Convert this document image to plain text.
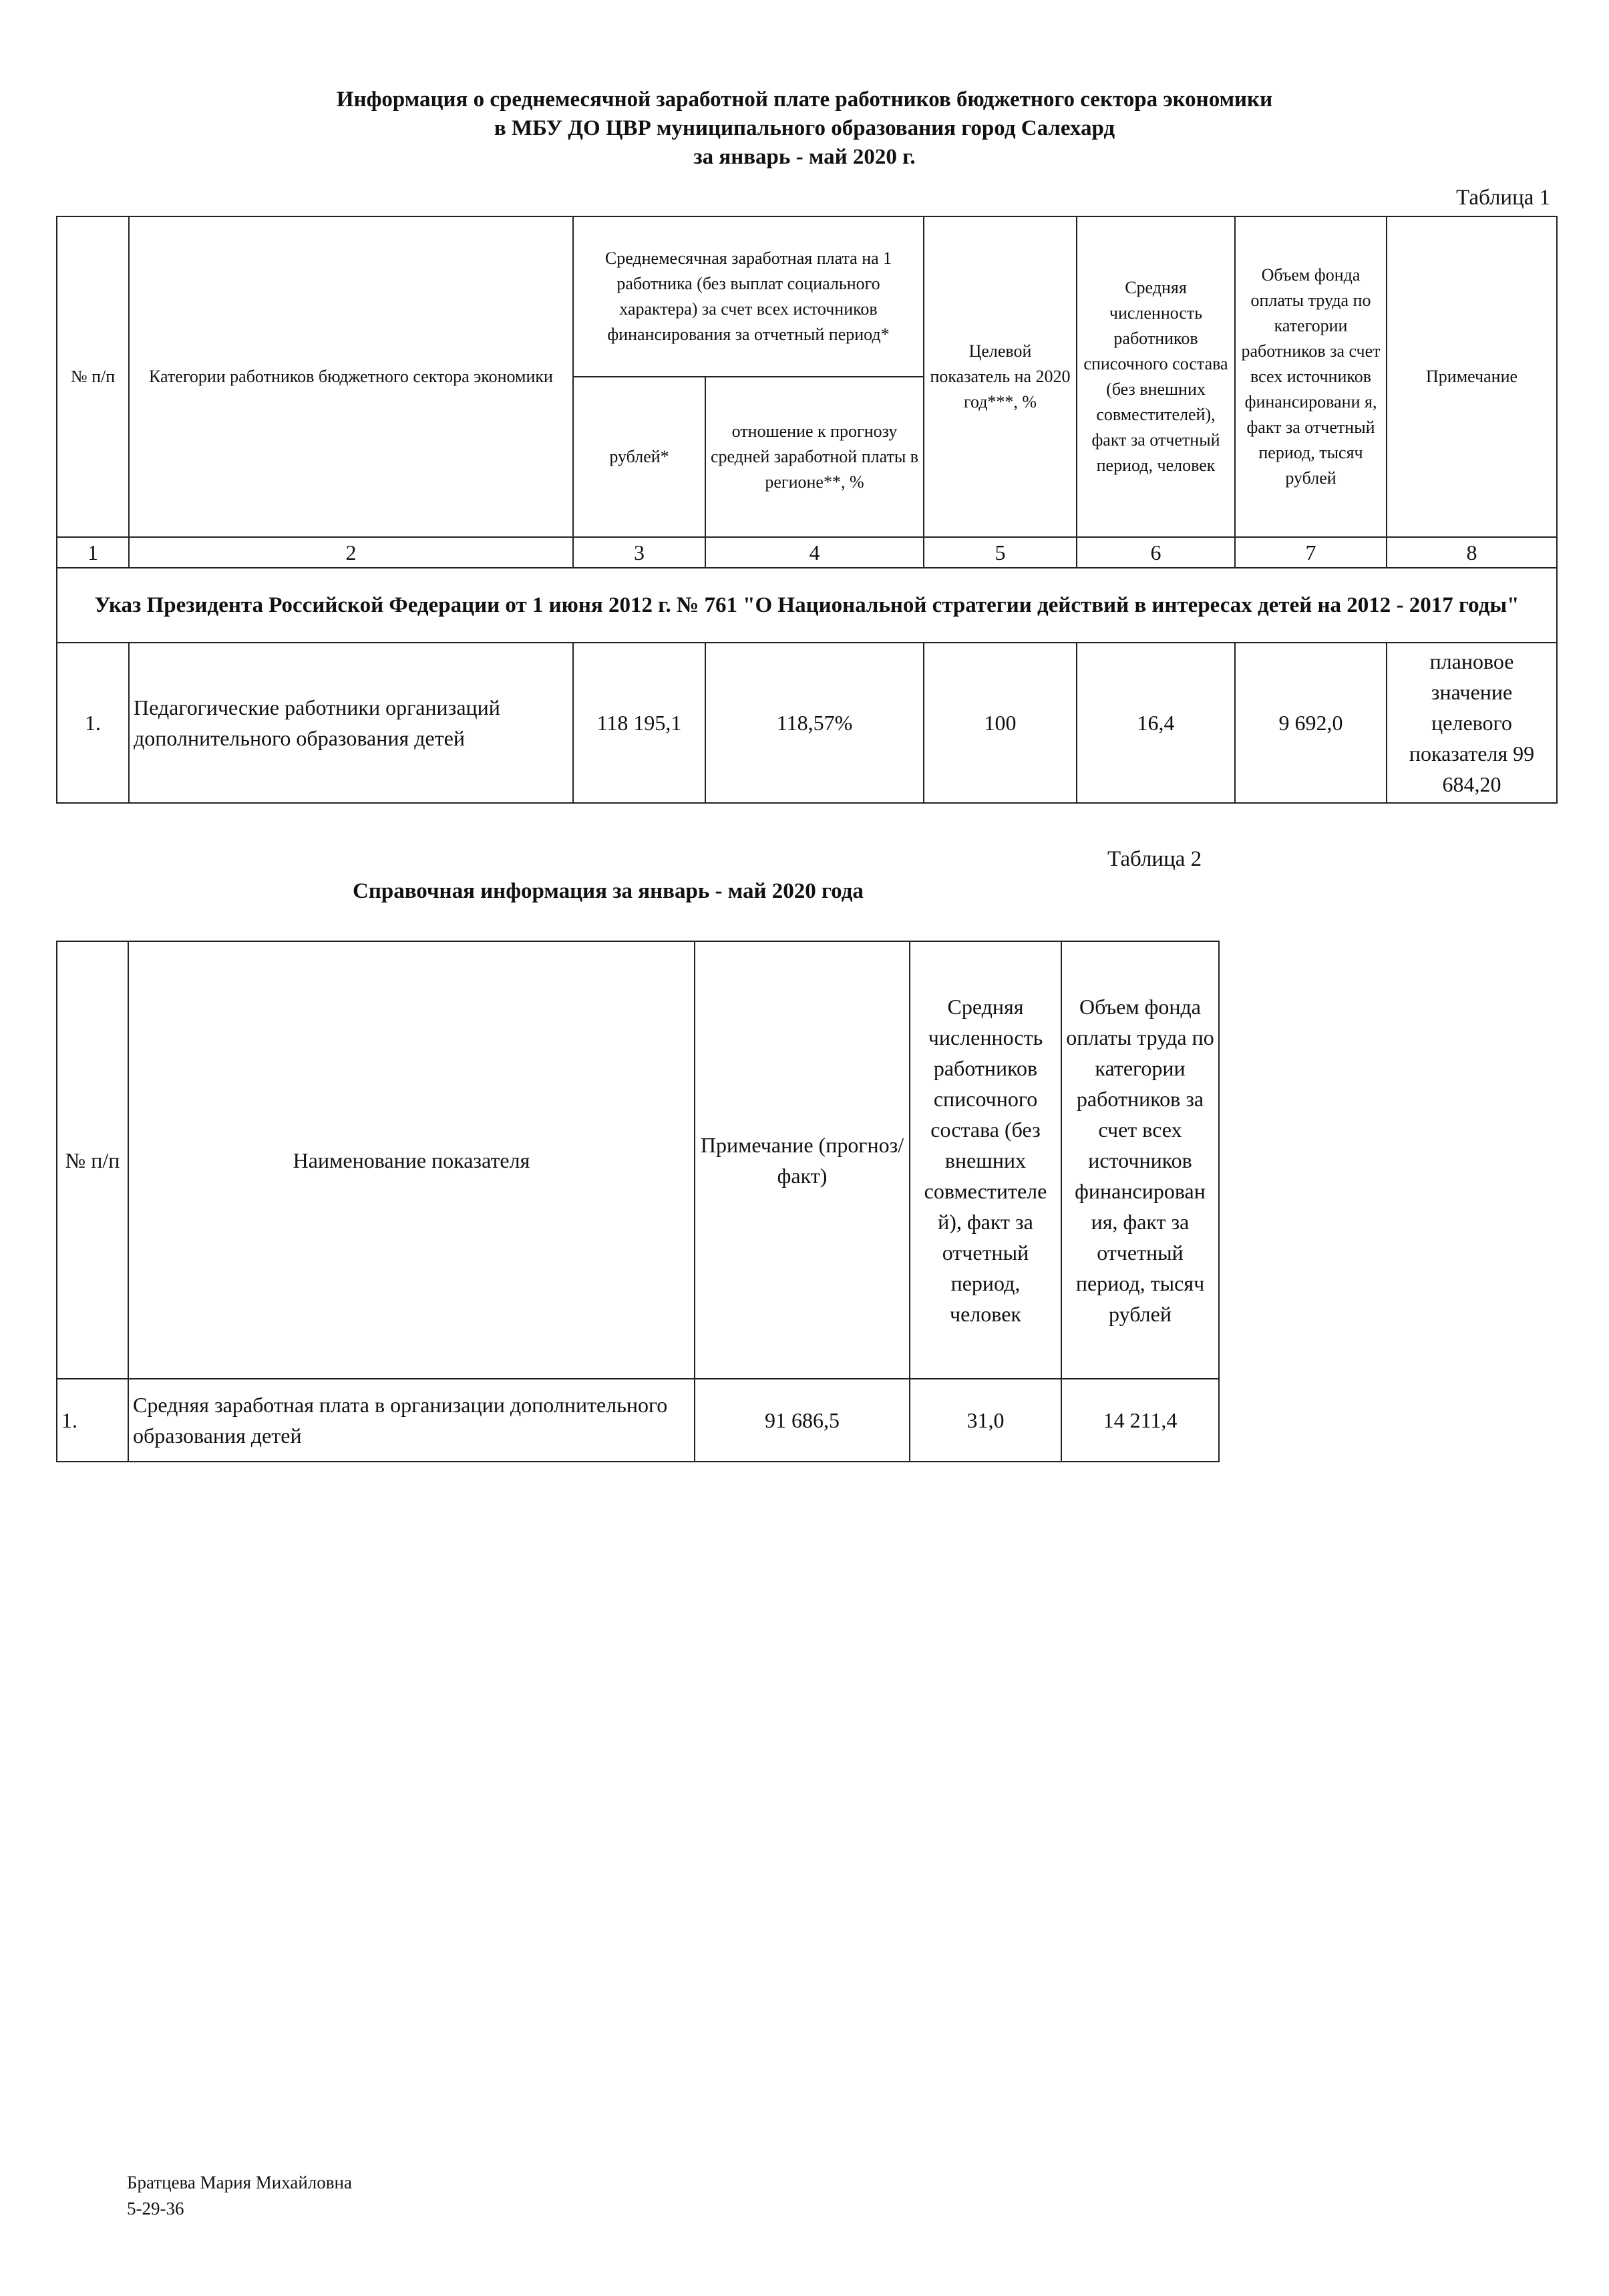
Информация о среднемесячной заработной плате работников бюджетного сектора экономики
в МБУ ДО ЦВР муниципального образования город Салехард
за январь - май 2020 г.
Таблица 1
№ п/п	Категории работников бюджетного сектора экономики	Среднемесячная заработная плата на 1 работника (без выплат социального характера) за счет всех источников финансирования за отчетный период*		Целевой показатель на 2020 год***, %	Средняя численность работников списочного состава (без внешних совместителей), факт за отчетный период, человек	Объем фонда оплаты труда по категории работников за счет всех источников финансировани я, факт за отчетный период, тысяч рублей	Примечание
		рублей*	отношение к прогнозу средней заработной платы в регионе**, %				
1	2	3	4	5	6	7	8
Указ Президента Российской Федерации от 1 июня 2012 г. № 761 "О Национальной стратегии действий в интересах детей на 2012 - 2017 годы"							
1.	Педагогические работники организаций дополнительного образования детей	118 195,1	118,57%	100	16,4	9 692,0	плановое значение целевого показателя 99 684,20
Таблица 2
Справочная информация за январь - май 2020 года
№ п/п	Наименование показателя	Примечание (прогноз/факт)	Средняя численность работников списочного состава (без внешних совместителе й), факт за отчетный период, человек	Объем фонда оплаты труда по категории работников за счет всех источников финансирован ия, факт за отчетный период, тысяч рублей
1.	Средняя заработная плата в организации дополнительного образования детей	91 686,5	31,0	14 211,4
Братцева Мария Михайловна
5-29-36
